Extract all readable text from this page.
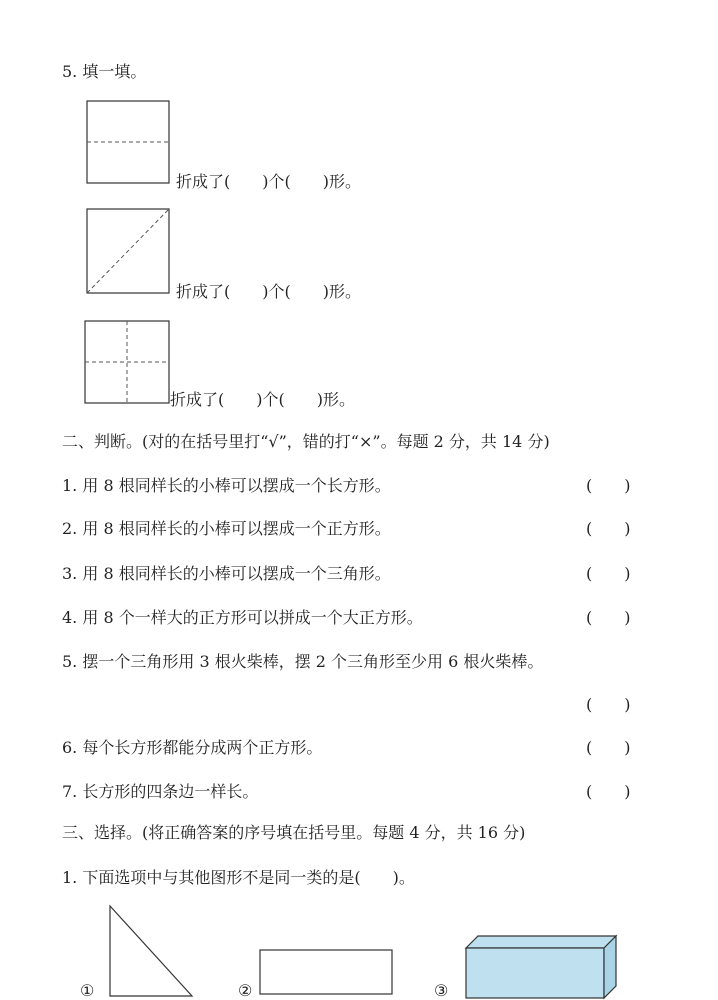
5. 填一填。
折成了(　　)个(　　)形。
折成了(　　)个(　　)形。
折成了(　　)个(　　)形。
二、判断。(对的在括号里打“√”，错的打“×”。每题 2 分，共 14 分)
1. 用 8 根同样长的小棒可以摆成一个长方形。	(　　)
2. 用 8 根同样长的小棒可以摆成一个正方形。	(　　)
3. 用 8 根同样长的小棒可以摆成一个三角形。	(　　)
4. 用 8 个一样大的正方形可以拼成一个大正方形。	(　　)
5. 摆一个三角形用 3 根火柴棒，摆 2 个三角形至少用 6 根火柴棒。
(　　)
6. 每个长方形都能分成两个正方形。	(　　)
7. 长方形的四条边一样长。	(　　)
三、选择。(将正确答案的序号填在括号里。每题 4 分，共 16 分)
1. 下面选项中与其他图形不是同一类的是(　　)。
①	②	③
